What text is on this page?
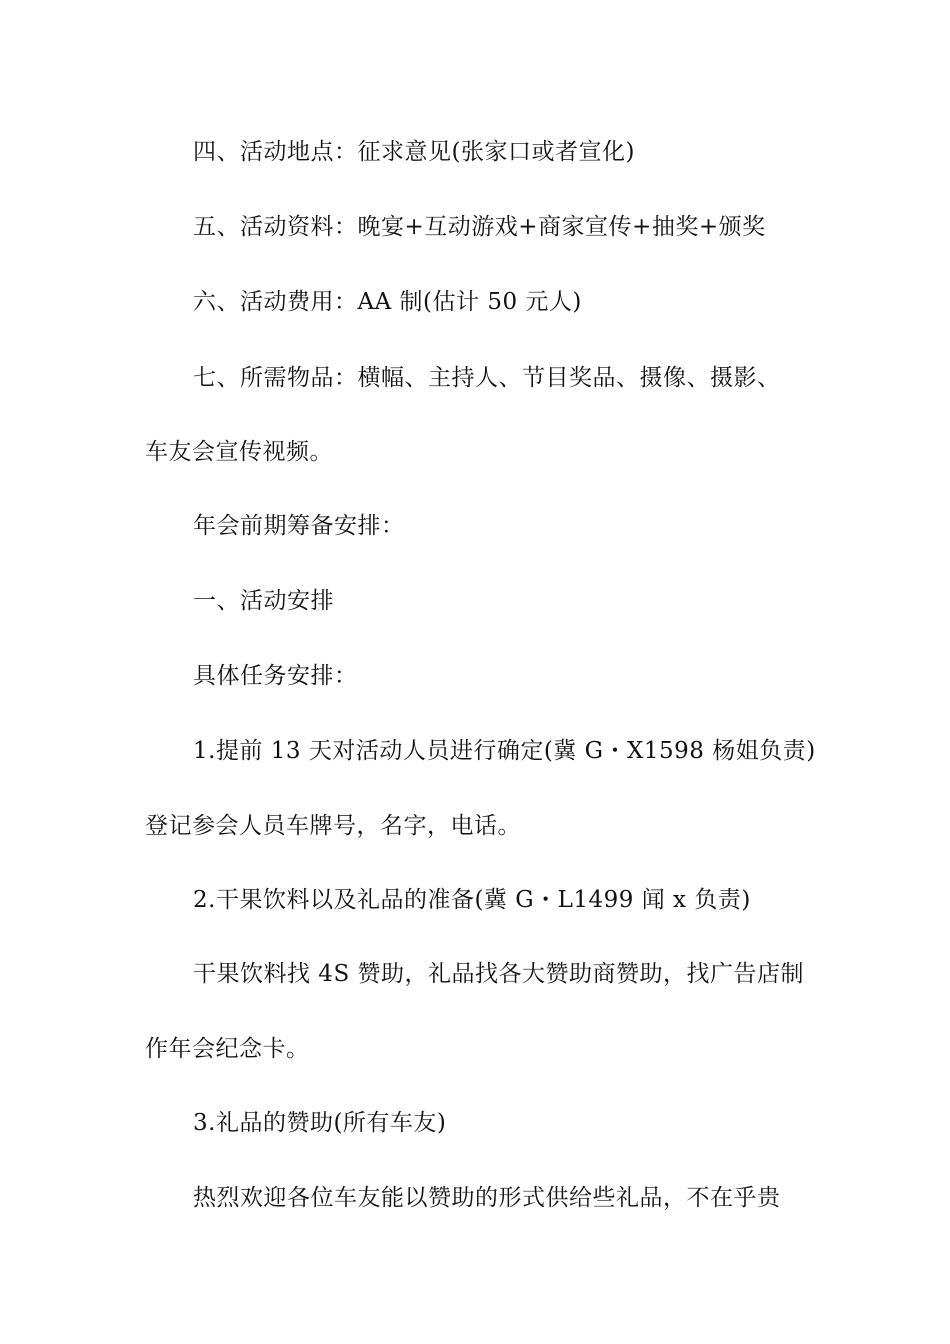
四、活动地点：征求意见(张家口或者宣化)
五、活动资料：晚宴+互动游戏+商家宣传+抽奖+颁奖
六、活动费用：AA 制(估计 50 元人)
七、所需物品：横幅、主持人、节目奖品、摄像、摄影、
车友会宣传视频。
年会前期筹备安排：
一、活动安排
具体任务安排：
1.提前 13 天对活动人员进行确定(冀 G・X1598 杨姐负责)
登记参会人员车牌号，名字，电话。
2.干果饮料以及礼品的准备(冀 G・L1499 闻 x 负责)
干果饮料找 4S 赞助，礼品找各大赞助商赞助，找广告店制
作年会纪念卡。
3.礼品的赞助(所有车友)
热烈欢迎各位车友能以赞助的形式供给些礼品，不在乎贵
